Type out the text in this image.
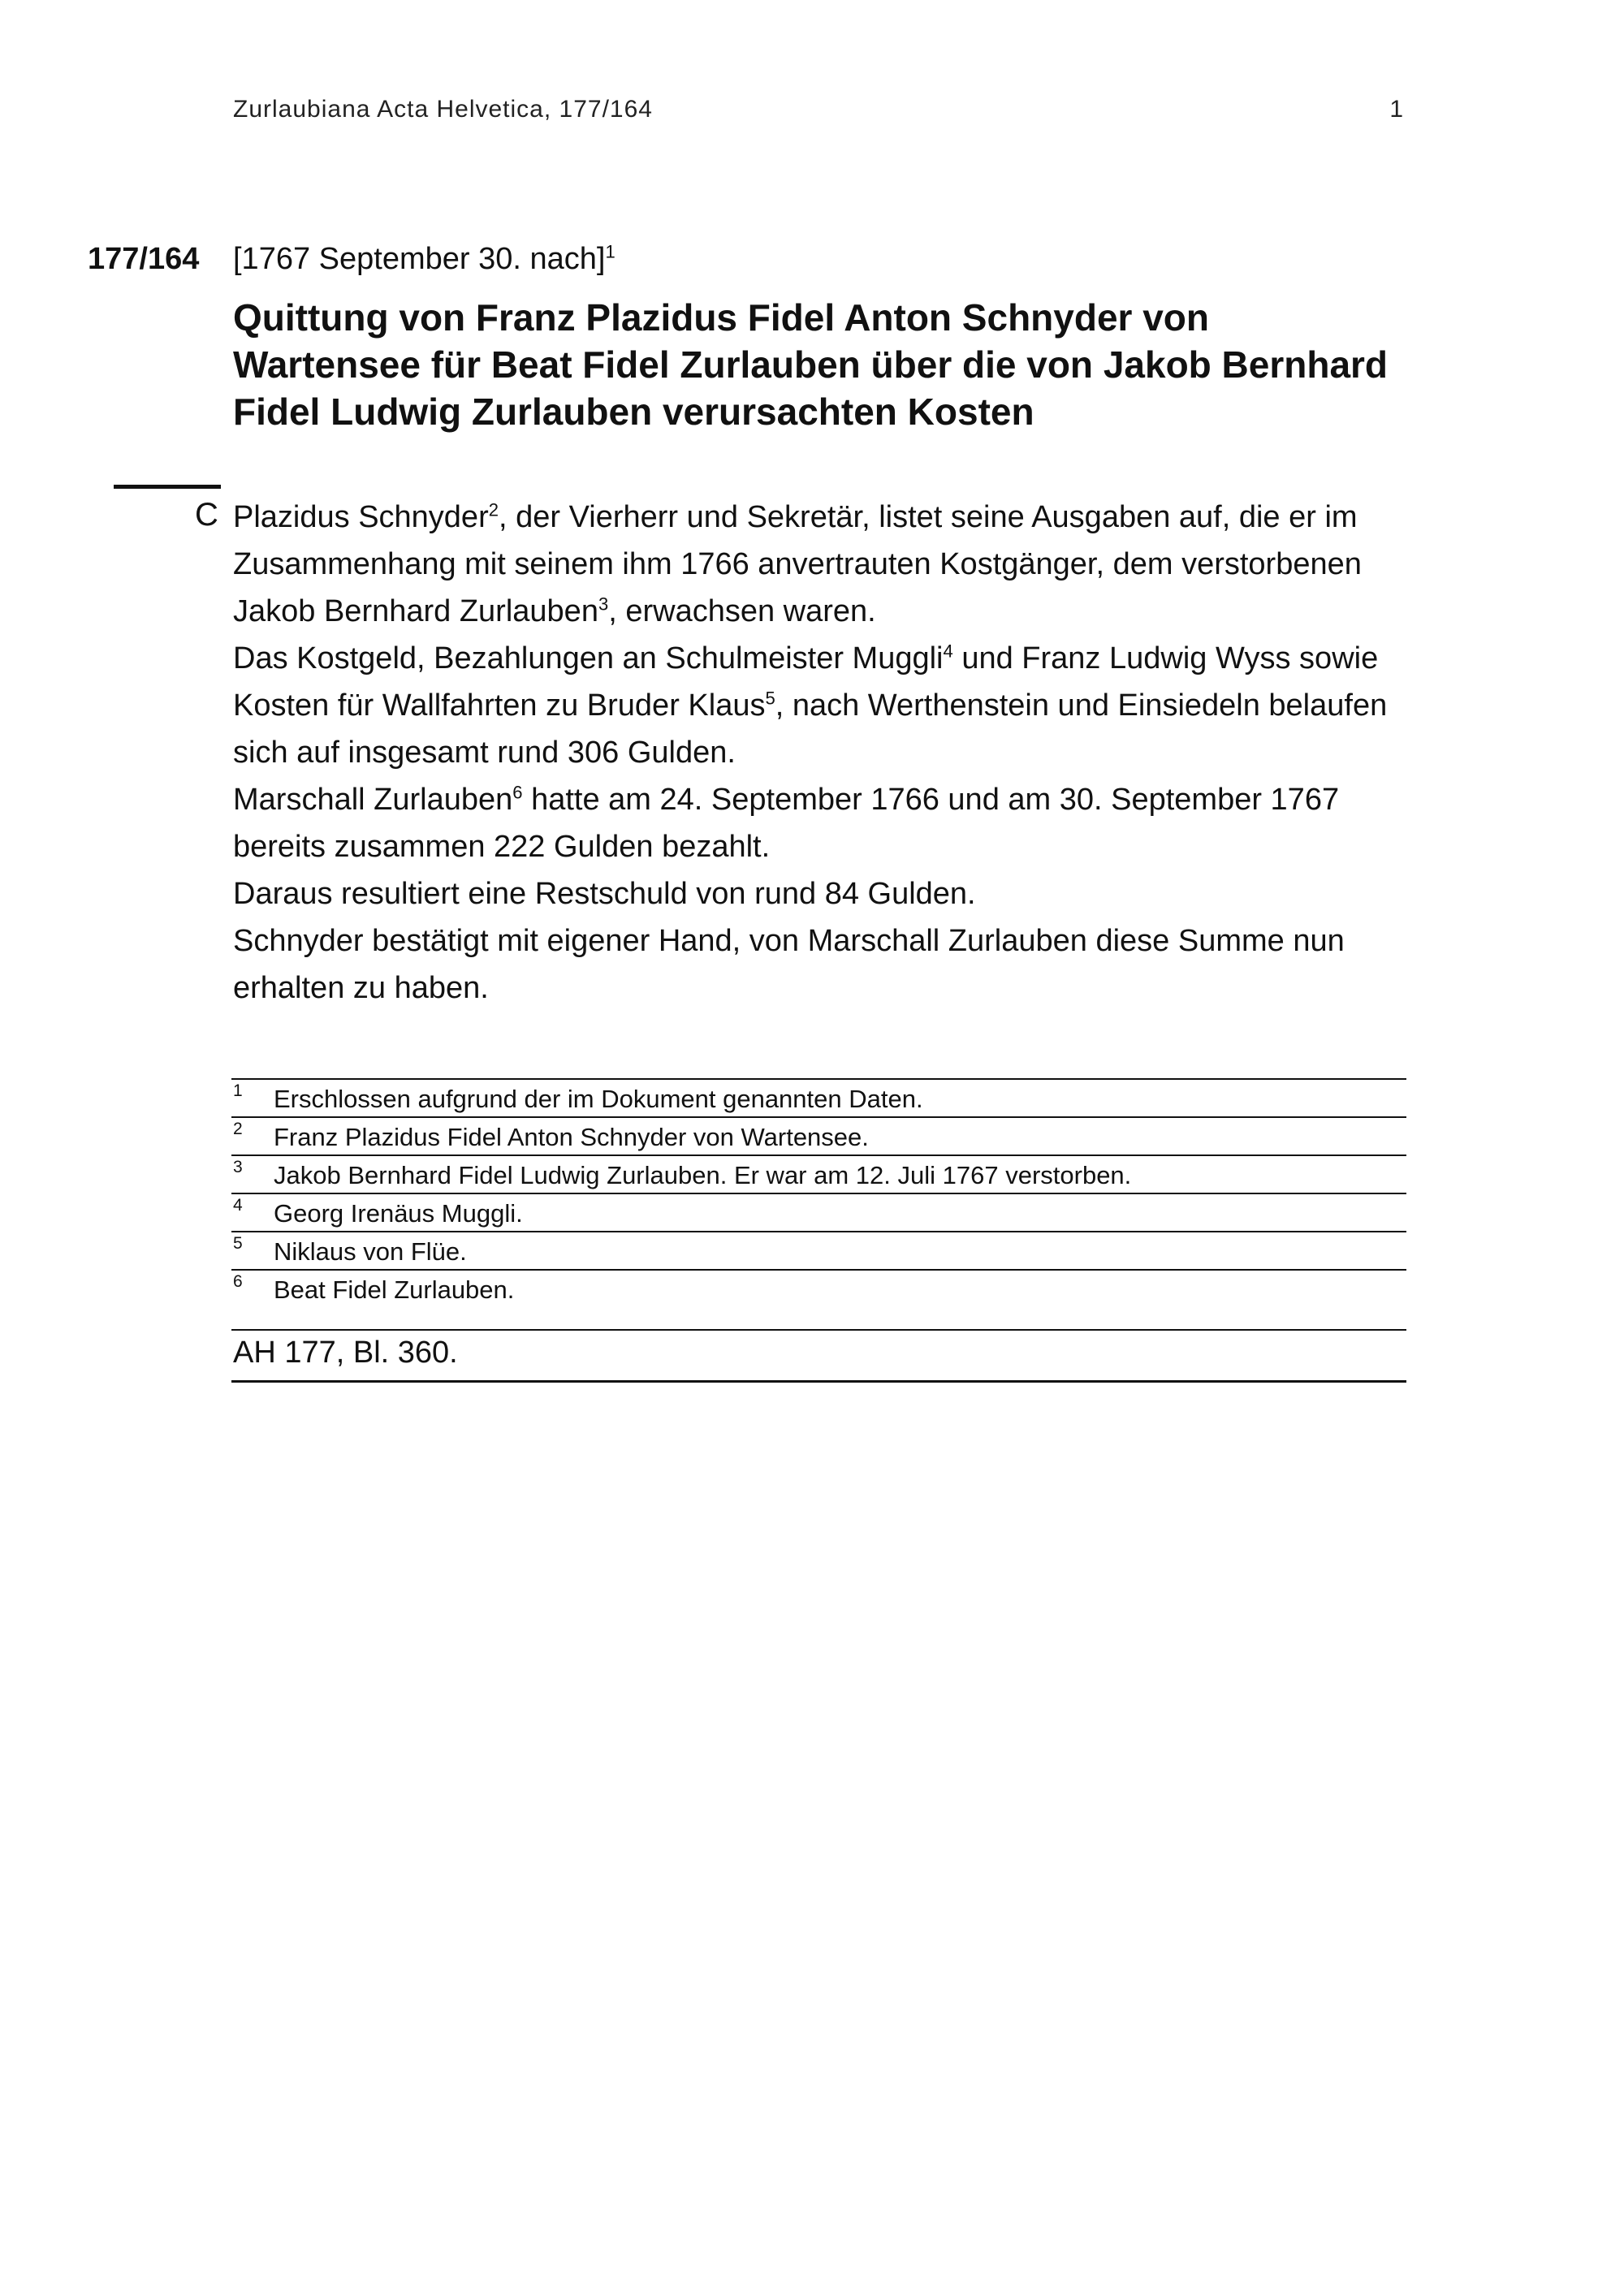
Zurlaubiana Acta Helvetica, 177/164	1
177/164 [1767 September 30. nach]$^1$
Quittung von Franz Plazidus Fidel Anton Schnyder von Wartensee für Beat Fidel Zurlauben über die von Jakob Bernhard Fidel Ludwig Zurlauben verursachten Kosten
C Plazidus Schnyder$^2$, der Vierherr und Sekretär, listet seine Ausgaben auf, die er im Zusammenhang mit seinem ihm 1766 anvertrauten Kostgänger, dem verstorbenen Jakob Bernhard Zurlauben$^3$, erwachsen waren.

Das Kostgeld, Bezahlungen an Schulmeister Muggli$^4$ und Franz Ludwig Wyss sowie Kosten für Wallfahrten zu Bruder Klaus$^5$, nach Werthenstein und Einsiedeln belaufen sich auf insgesamt rund 306 Gulden.

Marschall Zurlauben$^6$ hatte am 24. September 1766 und am 30. September 1767 bereits zusammen 222 Gulden bezahlt.

Daraus resultiert eine Restschuld von rund 84 Gulden.

Schnyder bestätigt mit eigener Hand, von Marschall Zurlauben diese Summe nun erhalten zu haben.

1 Erschlossen aufgrund der im Dokument genannten Daten.
2 Franz Plazidus Fidel Anton Schnyder von Wartensee.
3 Jakob Bernhard Fidel Ludwig Zurlauben. Er war am 12. Juli 1767 verstorben.
4 Georg Irenäus Muggli.
5 Niklaus von Flüe.
6 Beat Fidel Zurlauben.
AH 177, Bl. 360.
